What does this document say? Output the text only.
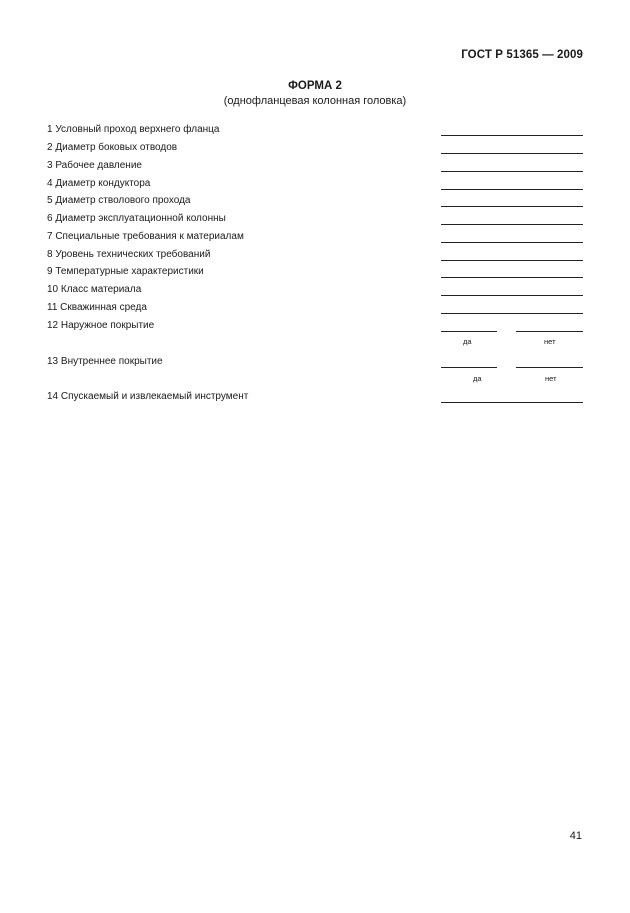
ГОСТ Р 51365 — 2009
ФОРМА 2
(однофланцевая колонная головка)
1 Условный проход верхнего фланца
2 Диаметр боковых отводов
3 Рабочее давление
4 Диаметр кондуктора
5 Диаметр стволового прохода
6 Диаметр эксплуатационной колонны
7 Специальные требования к материалам
8 Уровень технических требований
9 Температурные характеристики
10 Класс материала
11 Скважинная среда
12 Наружное покрытие
да	нет
13 Внутреннее покрытие
да	нет
14 Спускаемый и извлекаемый инструмент
41
